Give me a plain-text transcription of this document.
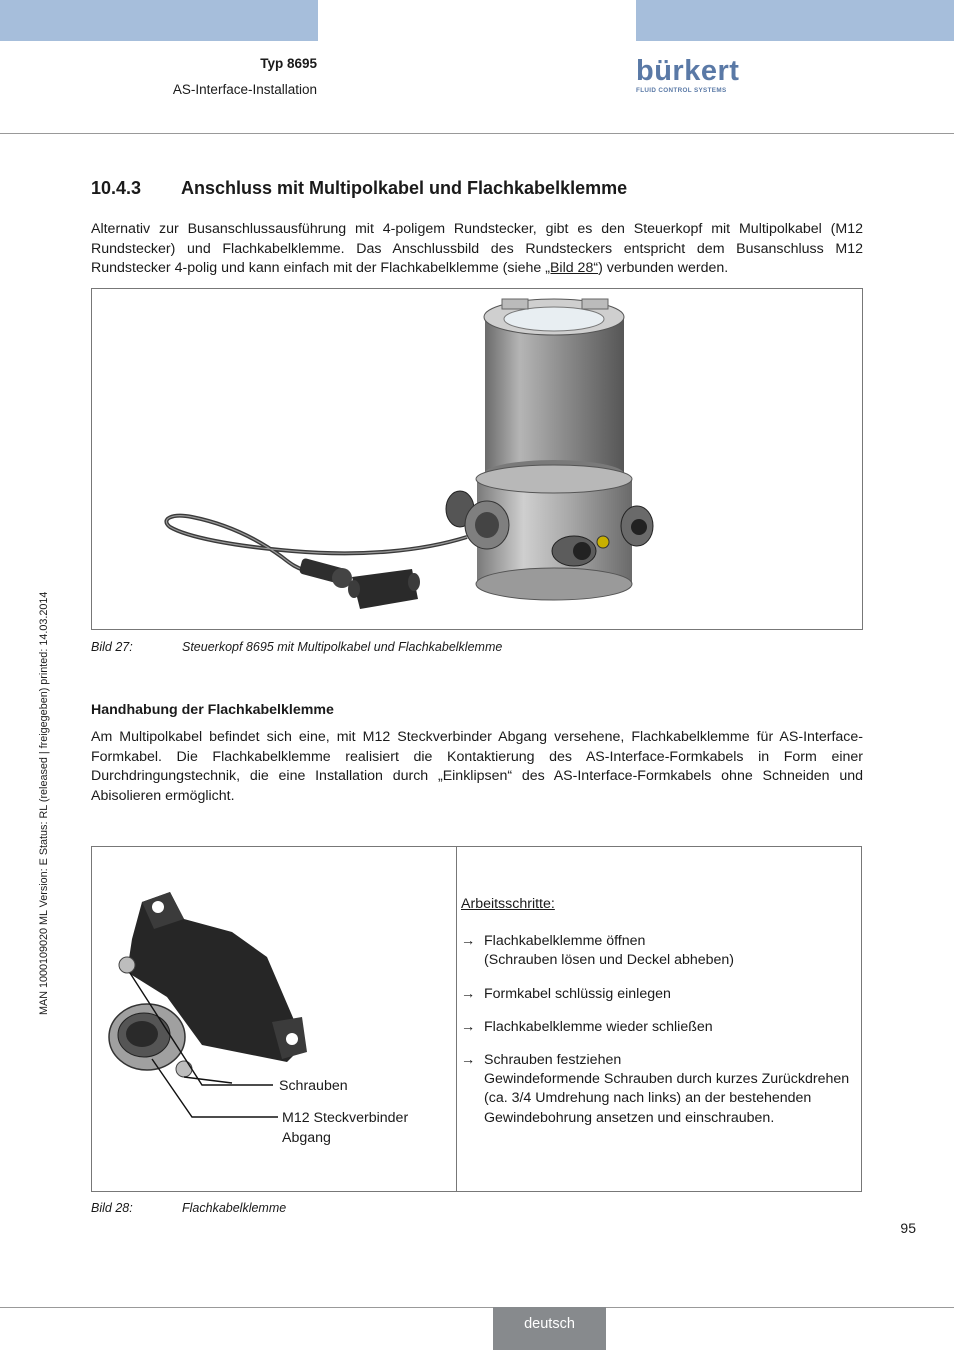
Typ 8695
AS-Interface-Installation
bürkert
FLUID CONTROL SYSTEMS
MAN 1000109020 ML Version: E Status: RL (released | freigegeben) printed: 14.03.2014
10.4.3 Anschluss mit Multipolkabel und Flachkabelklemme

Alternativ zur Busanschlussausführung mit 4-poligem Rundstecker, gibt es den Steuerkopf mit Multipolkabel (M12 Rundstecker) und Flachkabelklemme. Das Anschlussbild des Rundsteckers entspricht dem Busanschluss M12 Rundstecker 4-polig und kann einfach mit der Flachkabelklemme (siehe „Bild 28“) verbunden werden.

Bild 27:	Steuerkopf 8695 mit Multipolkabel und Flachkabelklemme
Handhabung der Flachkabelklemme

Am Multipolkabel befindet sich eine, mit M12 Steckverbinder Abgang versehene, Flachkabelklemme für AS-Interface-Formkabel. Die Flachkabelklemme realisiert die Kontaktierung des AS-Interface-Formkabels in Form einer Durchdringungstechnik, die eine Installation durch „Einklipsen“ des AS-Interface-Formkabels ohne Schneiden und Abisolieren ermöglicht.

Schrauben
M12 Steckverbinder
Abgang
Arbeitsschritte:
→ Flachkabelklemme öffnen
(Schrauben lösen und Deckel abheben)
→ Formkabel schlüssig einlegen
→ Flachkabelklemme wieder schließen
→ Schrauben festziehen
Gewindeformende Schrauben durch kurzes Zurückdrehen (ca. 3/4 Umdrehung nach links) an der bestehenden Gewindebohrung ansetzen und einschrauben.
Bild 28:	Flachkabelklemme
95
deutsch
